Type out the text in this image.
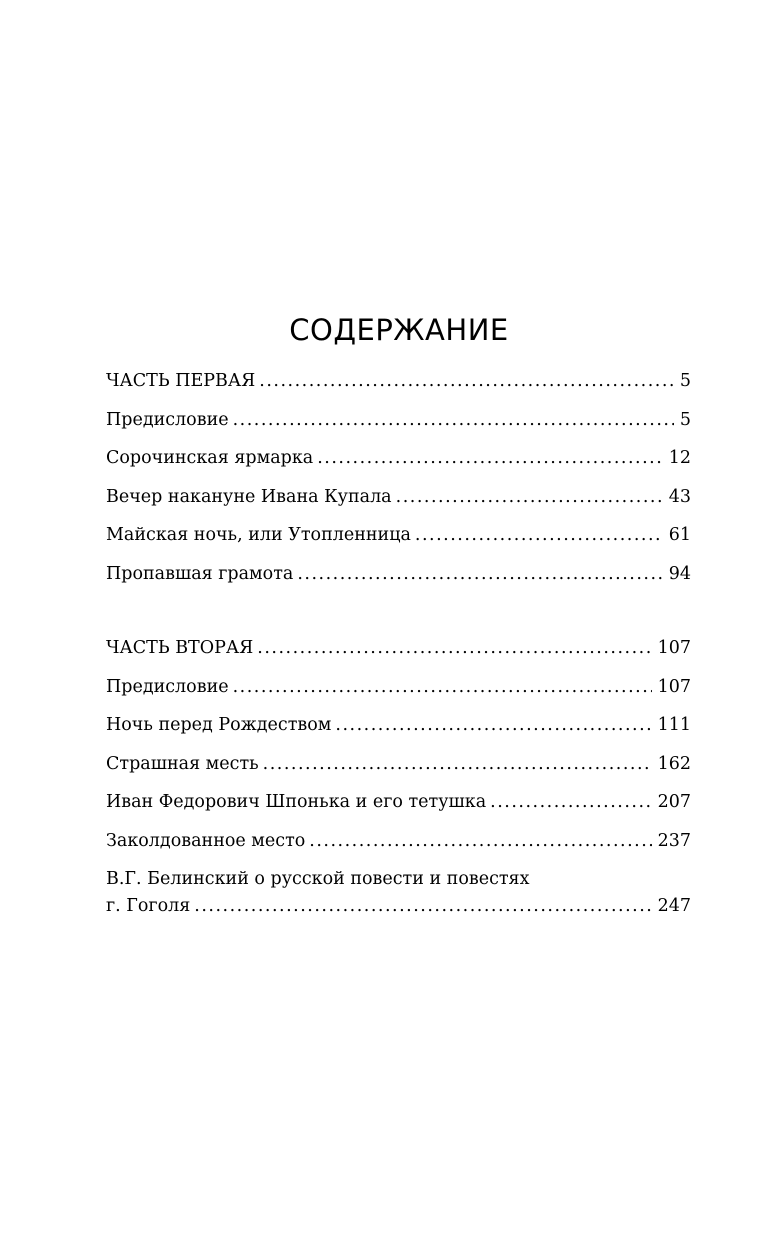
СОДЕРЖАНИЕ
ЧАСТЬ ПЕРВАЯ .....	5
Предисловие .....	5
Сорочинская ярмарка .....	12
Вечер накануне Ивана Купала .....	43
Майская ночь, или Утопленница .....	61
Пропавшая грамота .....	94
ЧАСТЬ ВТОРАЯ .....	107
Предисловие .....	107
Ночь перед Рождеством .....	111
Страшная месть .....	162
Иван Федорович Шпонька и его тетушка .....	207
Заколдованное место .....	237
В.Г. Белинский о русской повести и повестях
г. Гоголя .....	247
